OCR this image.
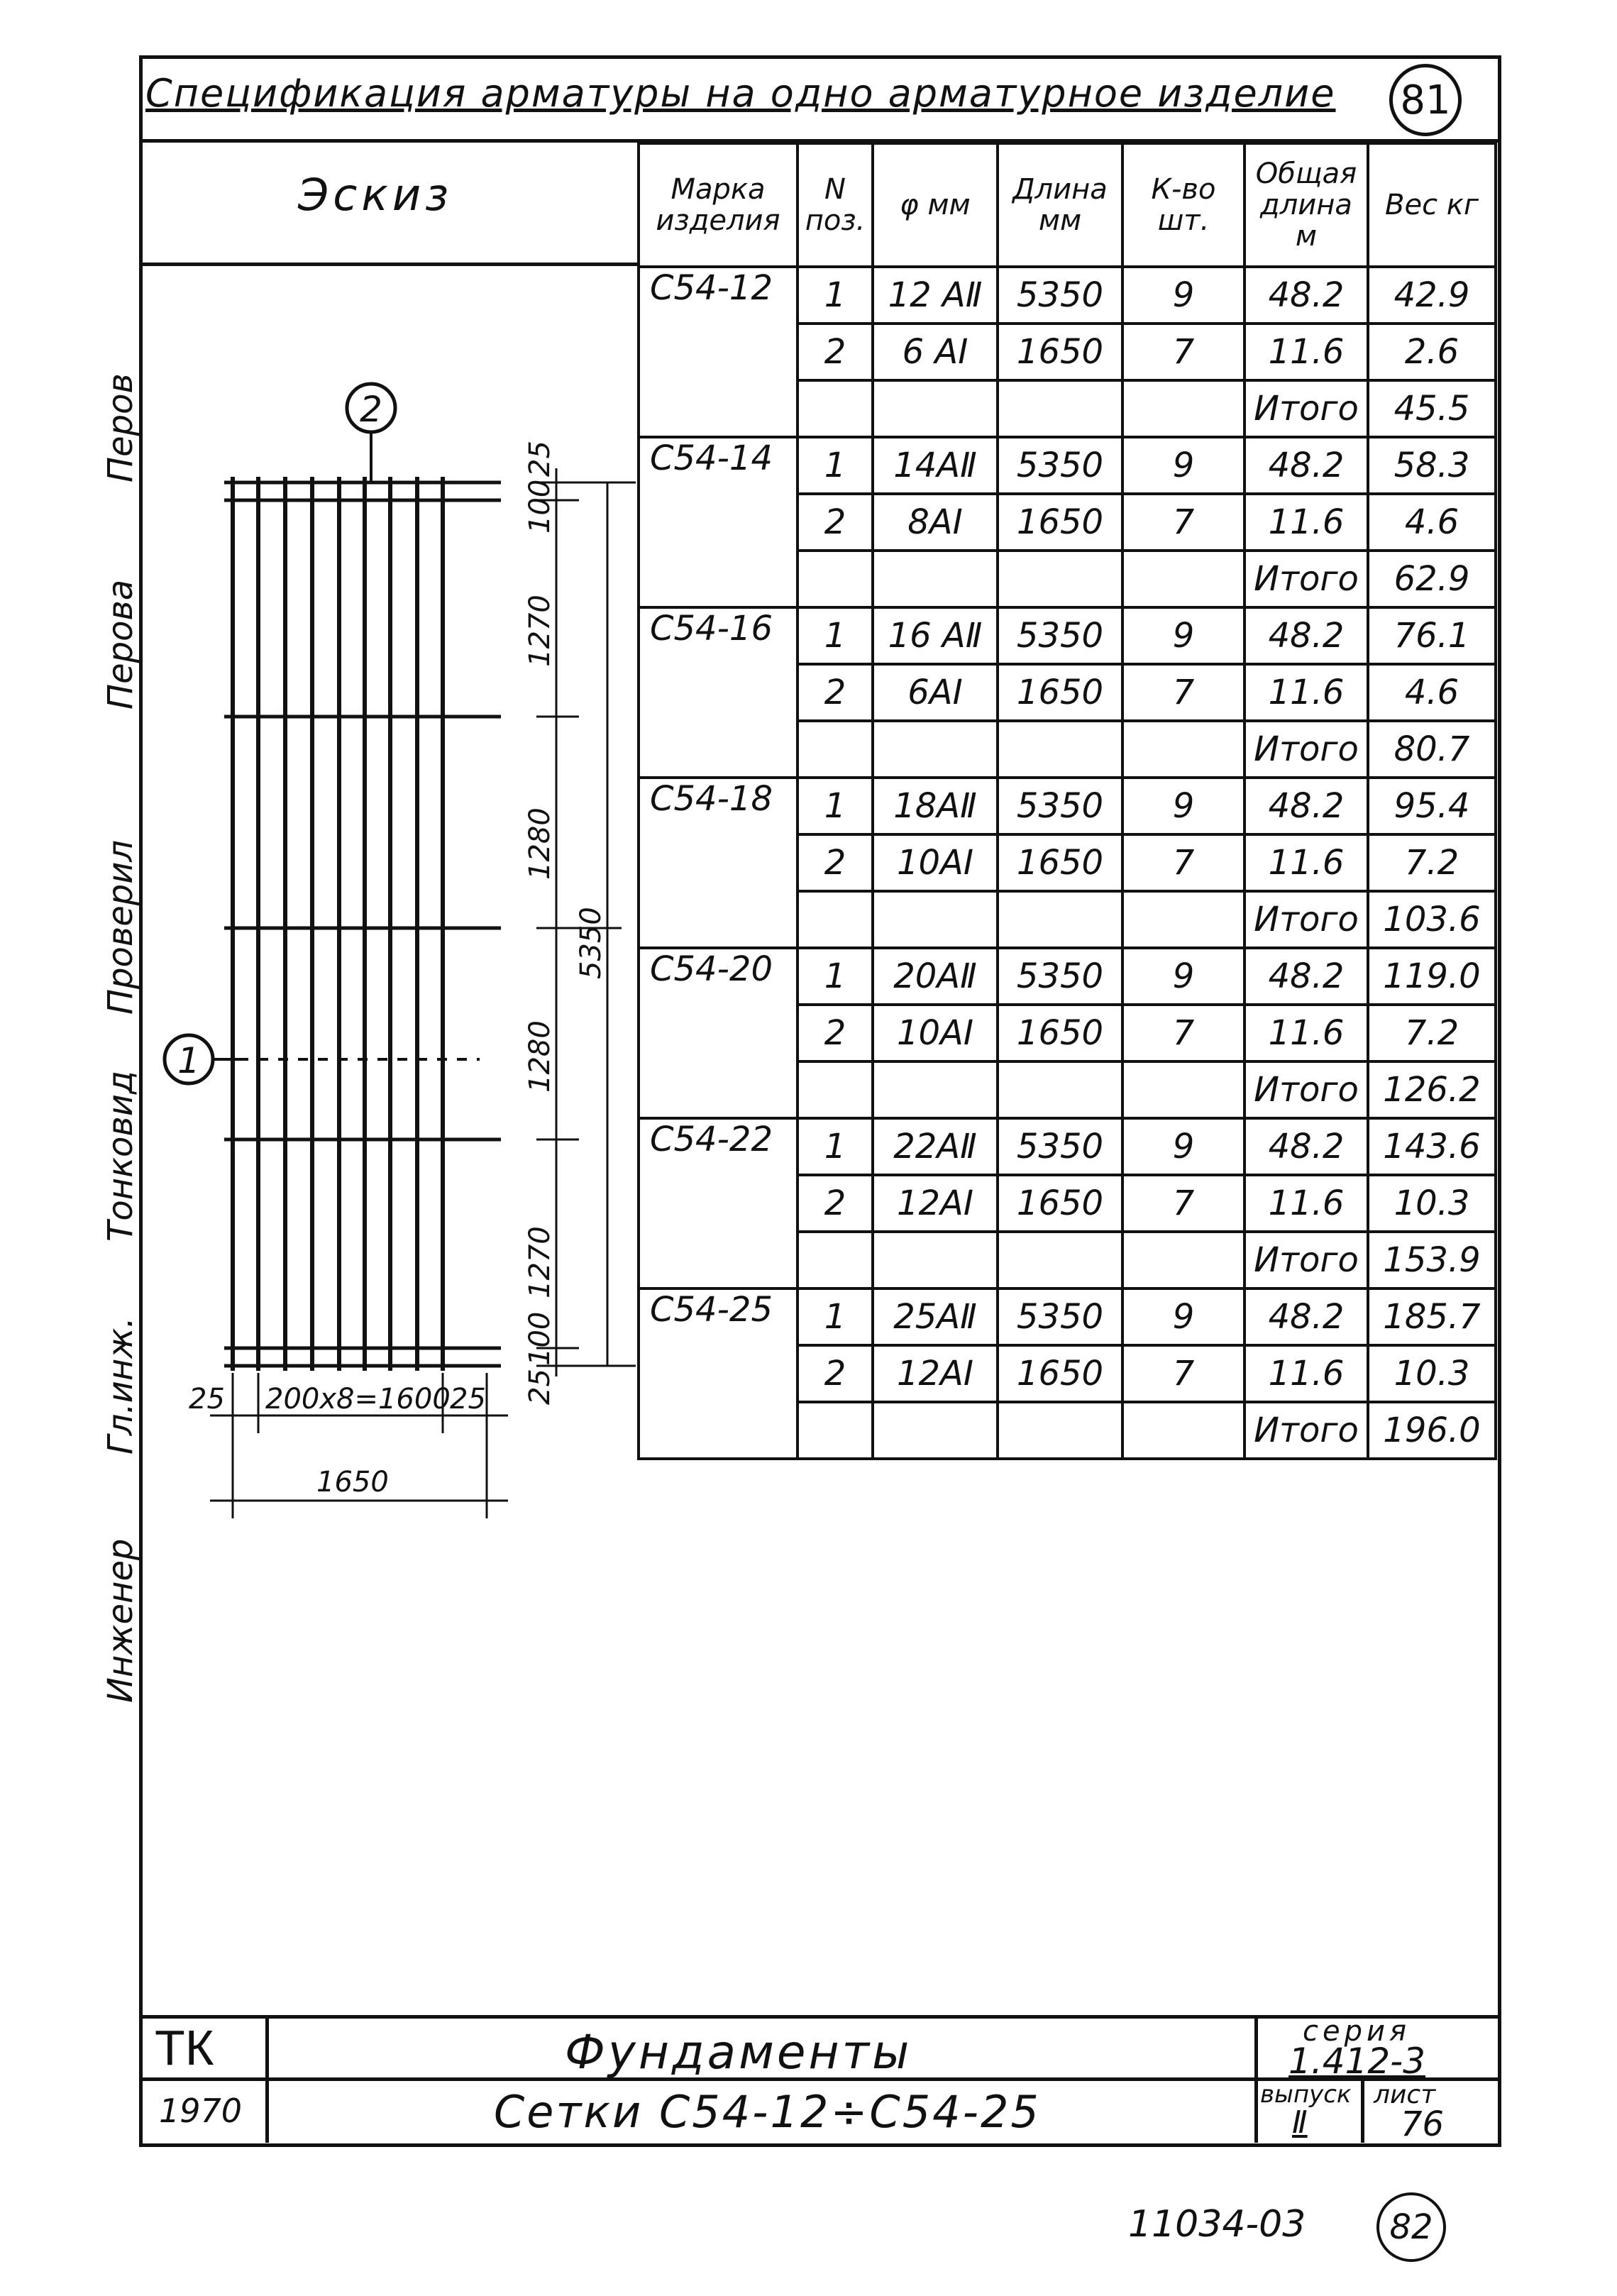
Спецификация арматуры на одно арматурное изделие 81
Эскиз
2
1
25
100
1270
1280
1280
1270
100
25
5350
25 200x8=1600 25
1650
Марка изделия	N поз.	φ мм	Длина мм	К-во шт.	Общая длина м	Вес кг
С54-12	1	12 AⅡ	5350	9	48.2	42.9
	2	6 AⅠ	1650	7	11.6	2.6
					Итого	45.5
С54-14	1	14AⅡ	5350	9	48.2	58.3
	2	8AⅠ	1650	7	11.6	4.6
					Итого	62.9
С54-16	1	16 AⅡ	5350	9	48.2	76.1
	2	6AⅠ	1650	7	11.6	4.6
					Итого	80.7
С54-18	1	18AⅡ	5350	9	48.2	95.4
	2	10AⅠ	1650	7	11.6	7.2
					Итого	103.6
С54-20	1	20AⅡ	5350	9	48.2	119.0
	2	10AⅠ	1650	7	11.6	7.2
					Итого	126.2
С54-22	1	22AⅡ	5350	9	48.2	143.6
	2	12AⅠ	1650	7	11.6	10.3
					Итого	153.9
С54-25	1	25AⅡ	5350	9	48.2	185.7
	2	12AⅠ	1650	7	11.6	10.3
					Итого	196.0
Перов
Перова
Проверил
Тонковид
Гл.инж.
Инженер
ТК	Фундаменты	серия
1.412-3
1970	Сетки С54-12÷С54-25	выпуск
Ⅱ
лист
76
11034-03	82
